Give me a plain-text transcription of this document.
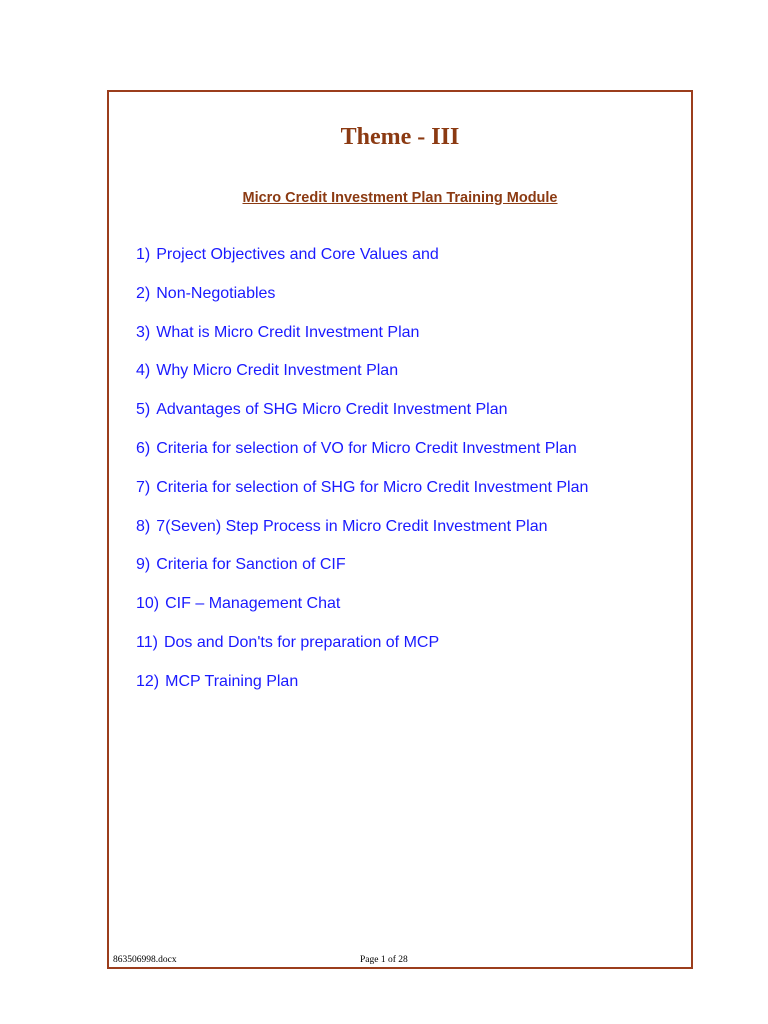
Theme - III
Micro Credit Investment Plan Training Module
1) Project Objectives and Core Values and
2) Non-Negotiables
3) What is Micro Credit Investment Plan
4) Why Micro Credit Investment Plan
5) Advantages of SHG Micro Credit Investment Plan
6) Criteria for selection of VO for Micro Credit Investment Plan
7) Criteria for selection of SHG for Micro Credit Investment Plan
8) 7(Seven) Step Process in Micro Credit Investment Plan
9) Criteria for Sanction of CIF
10) CIF – Management Chat
11) Dos and Don'ts for preparation of MCP
12) MCP Training Plan
863506998.docx	Page 1 of 28
